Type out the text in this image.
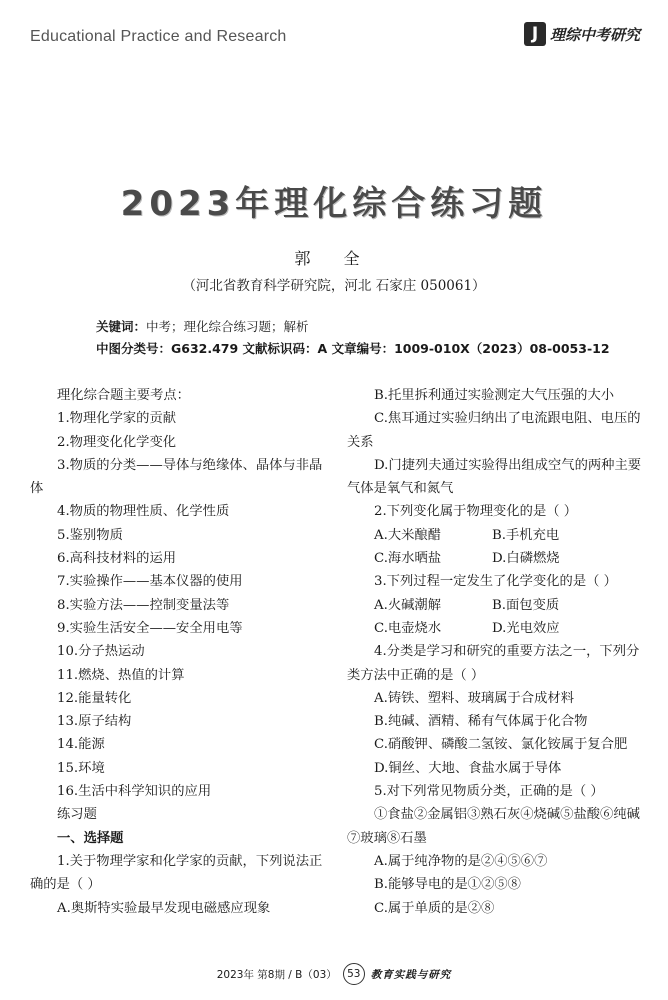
Educational Practice and Research	J 理综中考研究
2023年理化综合练习题
郭 全
（河北省教育科学研究院，河北 石家庄 050061）
关键词：中考；理化综合练习题；解析
中图分类号：G632.479 文献标识码：A 文章编号：1009-010X（2023）08-0053-12

理化综合题主要考点：

1.物理化学家的贡献

2.物理变化化学变化

3.物质的分类——导体与绝缘体、晶体与非晶体

4.物质的物理性质、化学性质

5.鉴别物质

6.高科技材料的运用

7.实验操作——基本仪器的使用

8.实验方法——控制变量法等

9.实验生活安全——安全用电等

10.分子热运动

11.燃烧、热值的计算

12.能量转化

13.原子结构

14.能源

15.环境

16.生活中科学知识的应用

练习题

一、选择题

1.关于物理学家和化学家的贡献，下列说法正确的是（ ）

A.奥斯特实验最早发现电磁感应现象

B.托里拆利通过实验测定大气压强的大小

C.焦耳通过实验归纳出了电流跟电阻、电压的关系

D.门捷列夫通过实验得出组成空气的两种主要气体是氧气和氮气

2.下列变化属于物理变化的是（ ）

A.大米酿醋	B.手机充电
C.海水晒盐	D.白磷燃烧

3.下列过程一定发生了化学变化的是（ ）

A.火碱潮解	B.面包变质
C.电壶烧水	D.光电效应

4.分类是学习和研究的重要方法之一，下列分类方法中正确的是（ ）

A.铸铁、塑料、玻璃属于合成材料

B.纯碱、酒精、稀有气体属于化合物

C.硝酸钾、磷酸二氢铵、氯化铵属于复合肥

D.铜丝、大地、食盐水属于导体

5.对下列常见物质分类，正确的是（ ）

①食盐②金属铝③熟石灰④烧碱⑤盐酸⑥纯碱⑦玻璃⑧石墨

A.属于纯净物的是②④⑤⑥⑦

B.能够导电的是①②⑤⑧

C.属于单质的是②⑧

2023年 第8期 / B（03） 53 教育实践与研究
